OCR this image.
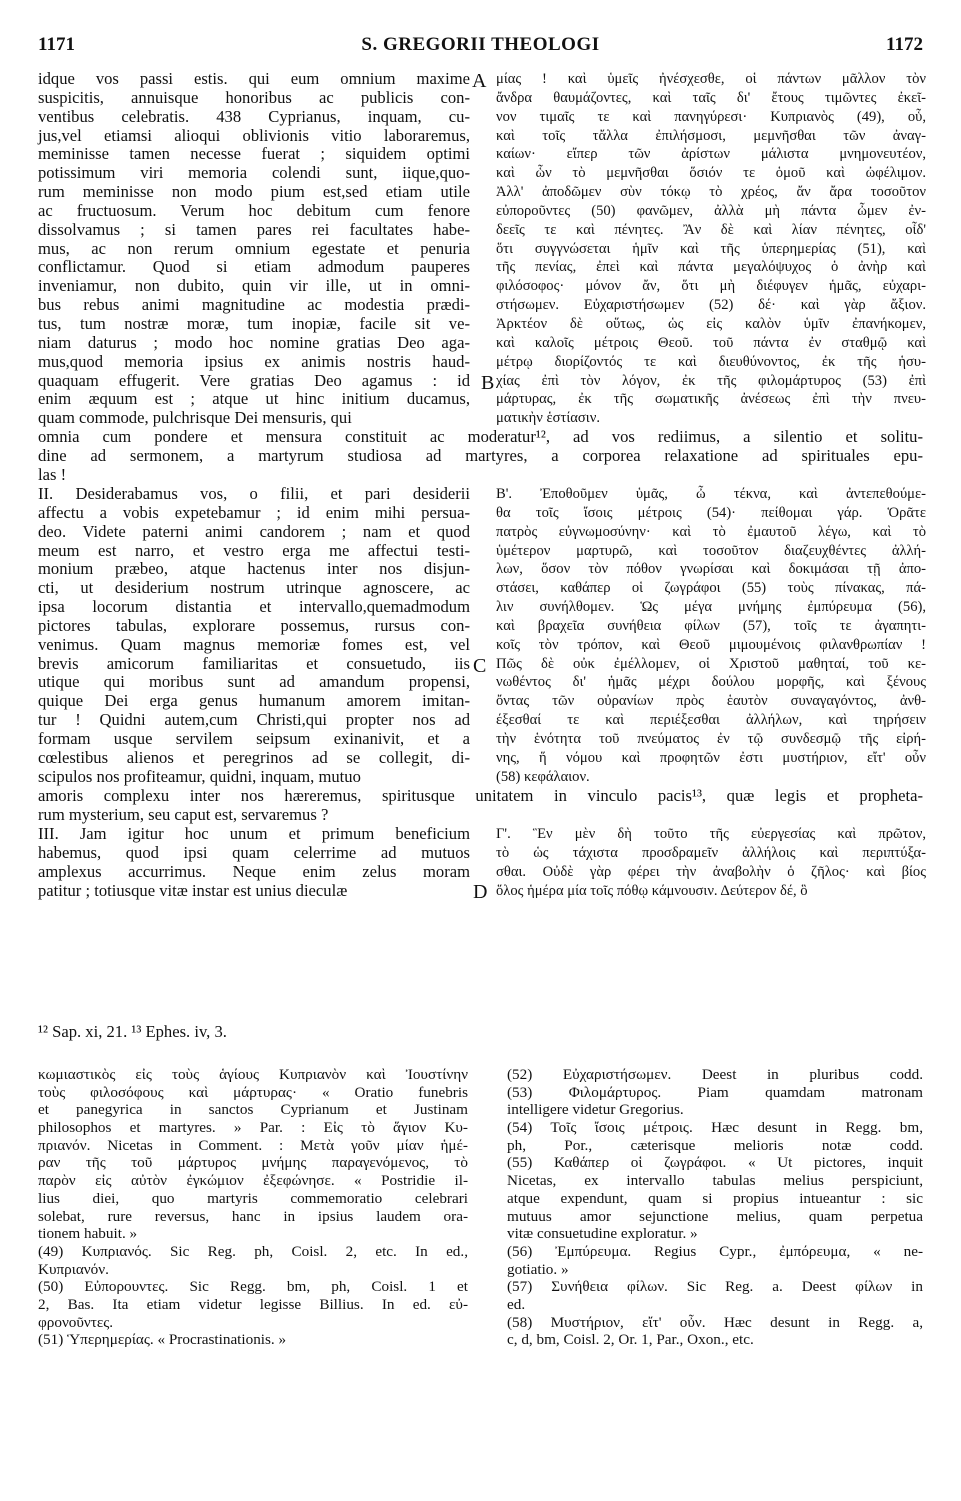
1171	S. GREGORII THEOLOGI	1172
idque vos passi estis. qui eum omnium maxime
suspicitis, annuisque honoribus ac publicis con-
ventibus celebratis. 438 Cyprianus, inquam, cu-
jus,vel etiamsi alioqui oblivionis vitio laboraremus,
meminisse tamen necesse fuerat ; siquidem optimi
potissimum viri memoria colendi sunt, iique,quo-
rum meminisse non modo pium est,sed etiam utile
ac fructuosum. Verum hoc debitum cum fenore
dissolvamus ; si tamen pares rei facultates habe-
mus, ac non rerum omnium egestate et penuria
conflictamur. Quod si etiam admodum pauperes
inveniamur, non dubito, quin vir ille, ut in omni-
bus rebus animi magnitudine ac modestia prædi-
tus, tum nostræ moræ, tum inopiæ, facile sit ve-
niam daturus ; modo hoc nomine gratias Deo aga-
mus,quod memoria ipsius ex animis nostris haud-
quaquam effugerit. Vere gratias Deo agamus : id
enim æquum est ; atque ut hinc initium ducamus,
quam commode, pulchrisque Dei mensuris, qui
μίας ! καὶ ὑμεῖς ἠνέσχεσθε, οἱ πάντων μᾶλλον τὸν
ἄνδρα θαυμάζοντες, καὶ ταῖς δι' ἔτους τιμῶντες ἐκεῖ-
νον τιμαῖς τε καὶ πανηγύρεσι· Κυπριανὸς (49), οὗ,
καὶ τοῖς τἄλλα ἐπιλήσμοσι, μεμνῆσθαι τῶν ἀναγ-
καίων· εἴπερ τῶν ἀρίστων μάλιστα μνημονευτέον,
καὶ ὧν τὸ μεμνῆσθαι ὅσιόν τε ὁμοῦ καὶ ὠφέλιμον.
Ἀλλ' ἀποδῶμεν σὺν τόκῳ τὸ χρέος, ἄν ἄρα τοσοῦτον
εὐποροῦντες (50) φανῶμεν, ἀλλὰ μὴ πάντα ὦμεν ἐν-
δεεῖς τε καὶ πένητες. Ἂν δὲ καὶ λίαν πένητες, οἶδ'
ὅτι συγγνώσεται ἡμῖν καὶ τῆς ὑπερημερίας (51), καὶ
τῆς πενίας, ἐπεὶ καὶ πάντα μεγαλόψυχος ὁ ἀνὴρ καὶ
φιλόσοφος· μόνον ἄν, ὅτι μὴ διέφυγεν ἡμᾶς, εὐχαρι-
στήσωμεν. Εὐχαριστήσωμεν (52) δέ· καὶ γὰρ ἄξιον.
Ἀρκτέον δὲ οὕτως, ὡς εἰς καλὸν ὑμῖν ἐπανήκομεν,
καὶ καλοῖς μέτροις Θεοῦ. τοῦ πάντα ἐν σταθμῷ καὶ
μέτρῳ διορίζοντός τε καὶ διευθύνοντος, ἐκ τῆς ἡσυ-
χίας ἐπὶ τὸν λόγον, ἐκ τῆς φιλομάρτυρος (53) ἐπὶ
μάρτυρας, ἐκ τῆς σωματικῆς ἀνέσεως ἐπὶ τὴν πνευ-
ματικὴν ἑστίασιν.
omnia cum pondere et mensura constituit ac moderatur¹², ad vos rediimus, a silentio et solitu-
dine ad sermonem, a martyrum studiosa ad martyres, a corporea relaxatione ad spirituales epu-
las !
II. Desiderabamus vos, o filii, et pari desiderii
affectu a vobis expetebamur ; id enim mihi persua-
deo. Videte paterni animi candorem ; nam et quod
meum est narro, et vestro erga me affectui testi-
monium præbeo, atque hactenus inter nos disjun-
cti, ut desiderium nostrum utrinque agnoscere, ac
ipsa locorum distantia et intervallo,quemadmodum
pictores tabulas, explorare possemus, rursus con-
venimus. Quam magnus memoriæ fomes est, vel
brevis amicorum familiaritas et consuetudo, iis
utique qui moribus sunt ad amandum propensi,
quique Dei erga genus humanum amorem imitan-
tur ! Quidni autem,cum Christi,qui propter nos ad
formam usque servilem seipsum exinanivit, et a
cœlestibus alienos et peregrinos ad se collegit, di-
scipulos nos profiteamur, quidni, inquam, mutuo
Β'. Ἐποθοῦμεν ὑμᾶς, ὦ τέκνα, καὶ ἀντεπεθούμε-
θα τοῖς ἴσοις μέτροις (54)· πείθομαι γάρ. Ὁρᾶτε
πατρὸς εὐγνωμοσύνην· καὶ τὸ ἐμαυτοῦ λέγω, καὶ τὸ
ὑμέτερον μαρτυρῶ, καὶ τοσοῦτον διαζευχθέντες ἀλλή-
λων, ὅσον τὸν πόθον γνωρίσαι καὶ δοκιμάσαι τῇ ἀπο-
στάσει, καθάπερ οἱ ζωγράφοι (55) τοὺς πίνακας, πά-
λιν συνήλθομεν. Ὡς μέγα μνήμης ἐμπύρευμα (56),
καὶ βραχεῖα συνήθεια φίλων (57), τοῖς τε ἀγαπητι-
κοῖς τὸν τρόπον, καὶ Θεοῦ μιμουμένοις φιλανθρωπίαν !
Πῶς δὲ οὐκ ἐμέλλομεν, οἱ Χριστοῦ μαθηταί, τοῦ κε-
νωθέντος δι' ἡμᾶς μέχρι δούλου μορφῆς, καὶ ξένους
ὄντας τῶν οὐρανίων πρὸς ἑαυτὸν συναγαγόντος, ἀνθ-
έξεσθαί τε καὶ περιέξεσθαι ἀλλήλων, καὶ τηρήσειν
τὴν ἑνότητα τοῦ πνεύματος ἐν τῷ συνδεσμῷ τῆς εἰρή-
νης, ἥ νόμου καὶ προφητῶν ἐστι μυστήριον, εἴτ' οὖν
(58) κεφάλαιον.
amoris complexu inter nos hæreremus, spiritusque unitatem in vinculo pacis¹³, quæ legis et propheta-
rum mysterium, seu caput est, servaremus ?
III. Jam igitur hoc unum et primum beneficium
habemus, quod ipsi quam celerrime ad mutuos
amplexus accurrimus. Neque enim zelus moram
patitur ; totiusque vitæ instar est unius dieculæ
Γ'. Ἓν μὲν δὴ τοῦτο τῆς εὐεργεσίας καὶ πρῶτον,
τὸ ὡς τάχιστα προσδραμεῖν ἀλλήλοις καὶ περιπτύξα-
σθαι. Οὐδὲ γὰρ φέρει τὴν ἀναβολὴν ὁ ζῆλος· καὶ βίος
ὅλος ἡμέρα μία τοῖς πόθῳ κάμνουσιν. Δεύτερον δέ, ὃ
A
B
C
D
¹² Sap. xi, 21. ¹³ Ephes. iv, 3.
κωμιαστικὸς εἰς τοὺς ἁγίους Κυπριανὸν καὶ Ἰουστίνην
τοὺς φιλοσόφους καὶ μάρτυρας· « Oratio funebris
et panegyrica in sanctos Cyprianum et Justinam
philosophos et martyres. » Par. : Εἰς τὸ ἅγιον Κυ-
πριανόν. Nicetas in Comment. : Μετὰ γοῦν μίαν ἡμέ-
ραν τῆς τοῦ μάρτυρος μνήμης παραγενόμενος, τὸ
παρὸν εἰς αὐτὸν ἐγκώμιον ἐξεφώνησε. « Postridie il-
lius diei, quo martyris commemoratio celebrari
solebat, rure reversus, hanc in ipsius laudem ora-
tionem habuit. »
(49) Κυπριανός. Sic Reg. ph, Coisl. 2, etc. In ed.,
Κυπριανόν.
(50) Εὐπορουντες. Sic Regg. bm, ph, Coisl. 1 et
2, Bas. Ita etiam videtur legisse Billius. In ed. εὐ-
φρονοῦντες.
(51) Ὑπερημερίας. « Procrastinationis. »
(52) Εὐχαριστήσωμεν. Deest in pluribus codd.
(53) Φιλομάρτυρος. Piam quamdam matronam
intelligere videtur Gregorius.
(54) Τοῖς ἴσοις μέτροις. Hæc desunt in Regg. bm,
ph, Por., cæterisque melioris notæ codd.
(55) Καθάπερ οἱ ζωγράφοι. « Ut pictores, inquit
Nicetas, ex intervallo tabulas melius perspiciunt,
atque expendunt, quam si propius intueantur : sic
mutuus amor sejunctione melius, quam perpetua
vitæ consuetudine exploratur. »
(56) Ἐμπύρευμα. Regius Cypr., ἐμπόρευμα, « ne-
gotiatio. »
(57) Συνήθεια φίλων. Sic Reg. a. Deest φίλων in
ed.
(58) Μυστήριον, εἴτ' οὖν. Hæc desunt in Regg. a,
c, d, bm, Coisl. 2, Or. 1, Par., Oxon., etc.
